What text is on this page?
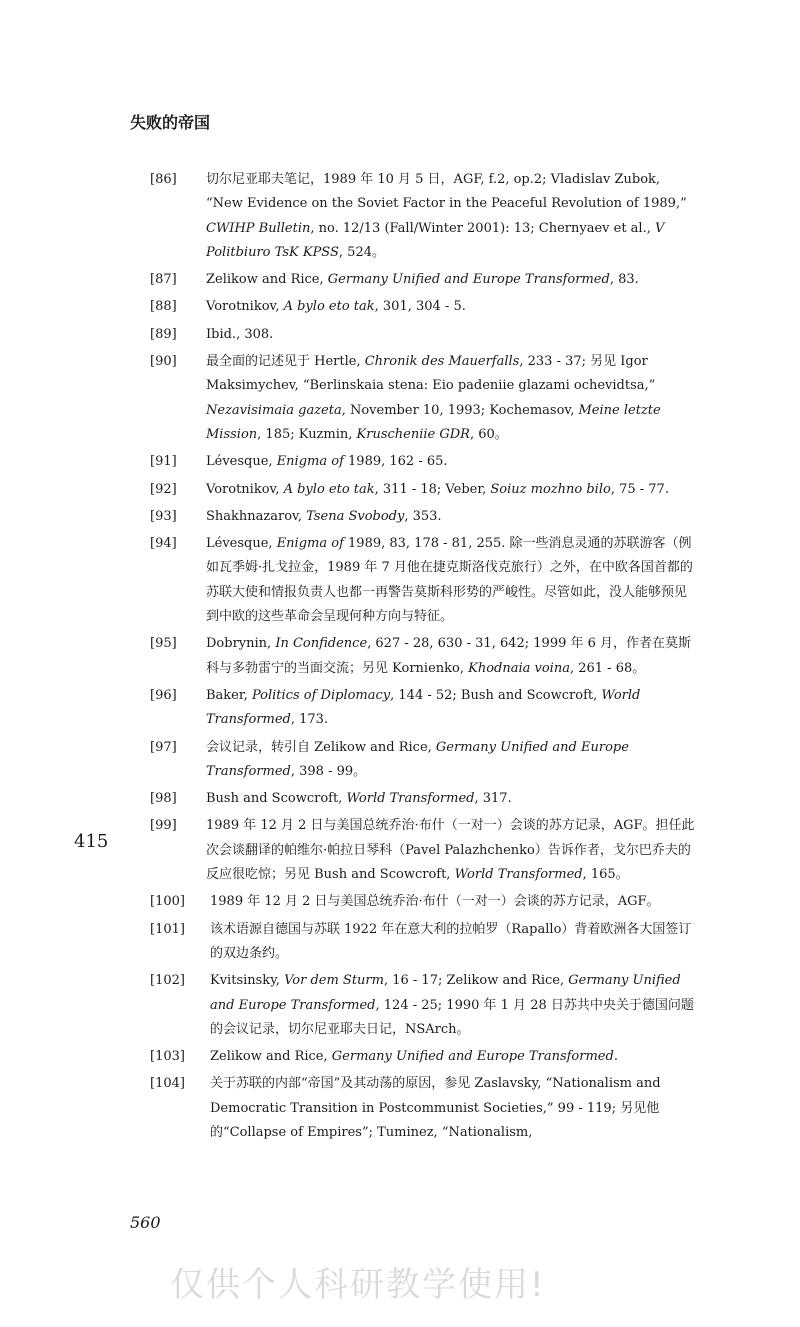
失败的帝国
415
[86] 切尔尼亚耶夫笔记，1989 年 10 月 5 日，AGF, f.2, op.2; Vladislav Zubok, “New Evidence on the Soviet Factor in the Peaceful Revolution of 1989,” CWIHP Bulletin, no. 12/13 (Fall/Winter 2001): 13; Chernyaev et al., V Politbiuro TsK KPSS, 524。
[87] Zelikow and Rice, Germany Unified and Europe Transformed, 83.
[88] Vorotnikov, A bylo eto tak, 301, 304 - 5.
[89] Ibid., 308.
[90] 最全面的记述见于 Hertle, Chronik des Mauerfalls, 233 - 37; 另见 Igor Maksimychev, “Berlinskaia stena: Eio padeniie glazami ochevidtsa,” Nezavisimaia gazeta, November 10, 1993; Kochemasov, Meine letzte Mission, 185; Kuzmin, Kruscheniie GDR, 60。
[91] Lévesque, Enigma of 1989, 162 - 65.
[92] Vorotnikov, A bylo eto tak, 311 - 18; Veber, Soiuz mozhno bilo, 75 - 77.
[93] Shakhnazarov, Tsena Svobody, 353.
[94] Lévesque, Enigma of 1989, 83, 178 - 81, 255. 除一些消息灵通的苏联游客（例如瓦季姆·扎戈拉金，1989 年 7 月他在捷克斯洛伐克旅行）之外，在中欧各国首都的苏联大使和情报负责人也都一再警告莫斯科形势的严峻性。尽管如此，没人能够预见到中欧的这些革命会呈现何种方向与特征。
[95] Dobrynin, In Confidence, 627 - 28, 630 - 31, 642; 1999 年 6 月，作者在莫斯科与多勃雷宁的当面交流；另见 Kornienko, Khodnaia voina, 261 - 68。
[96] Baker, Politics of Diplomacy, 144 - 52; Bush and Scowcroft, World Transformed, 173.
[97] 会议记录，转引自 Zelikow and Rice, Germany Unified and Europe Transformed, 398 - 99。
[98] Bush and Scowcroft, World Transformed, 317.
[99] 1989 年 12 月 2 日与美国总统乔治·布什（一对一）会谈的苏方记录，AGF。担任此次会谈翻译的帕维尔·帕拉日琴科（Pavel Palazhchenko）告诉作者，戈尔巴乔夫的反应很吃惊；另见 Bush and Scowcroft, World Transformed, 165。
[100] 1989 年 12 月 2 日与美国总统乔治·布什（一对一）会谈的苏方记录，AGF。
[101] 该术语源自德国与苏联 1922 年在意大利的拉帕罗（Rapallo）背着欧洲各大国签订的双边条约。
[102] Kvitsinsky, Vor dem Sturm, 16 - 17; Zelikow and Rice, Germany Unified and Europe Transformed, 124 - 25; 1990 年 1 月 28 日苏共中央关于德国问题的会议记录，切尔尼亚耶夫日记，NSArch。
[103] Zelikow and Rice, Germany Unified and Europe Transformed.
[104] 关于苏联的内部“帝国”及其动荡的原因，参见 Zaslavsky, “Nationalism and Democratic Transition in Postcommunist Societies,” 99 - 119; 另见他的“Collapse of Empires”; Tuminez, “Nationalism,
560
仅供个人科研教学使用!
